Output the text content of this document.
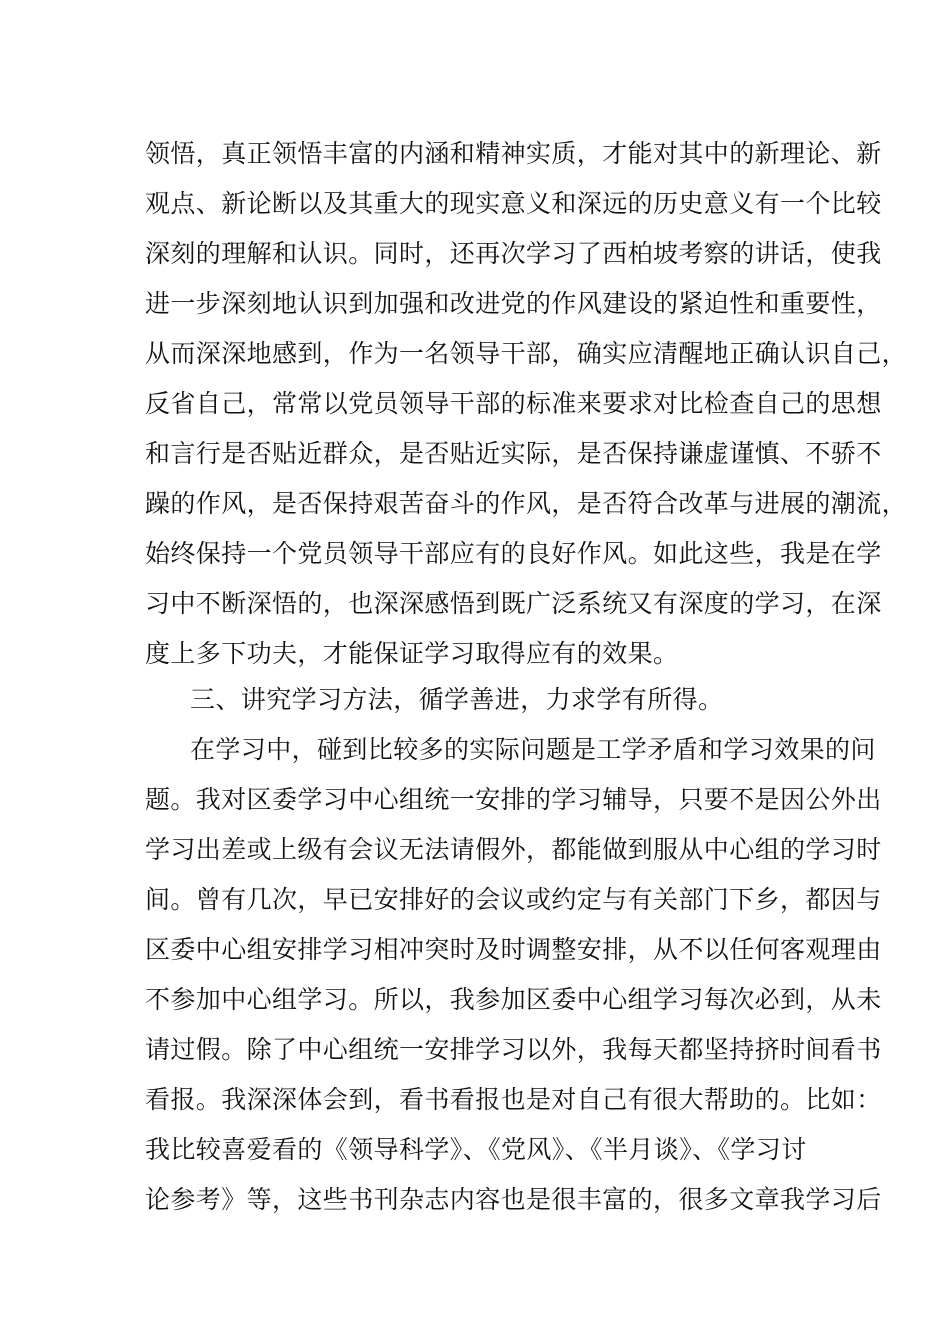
领悟，真正领悟丰富的内涵和精神实质，才能对其中的新理论、新
观点、新论断以及其重大的现实意义和深远的历史意义有一个比较
深刻的理解和认识。同时，还再次学习了西柏坡考察的讲话，使我
进一步深刻地认识到加强和改进党的作风建设的紧迫性和重要性，
从而深深地感到，作为一名领导干部，确实应清醒地正确认识自己，
反省自己，常常以党员领导干部的标准来要求对比检查自己的思想
和言行是否贴近群众，是否贴近实际，是否保持谦虚谨慎、不骄不
躁的作风，是否保持艰苦奋斗的作风，是否符合改革与进展的潮流，
始终保持一个党员领导干部应有的良好作风。如此这些，我是在学
习中不断深悟的，也深深感悟到既广泛系统又有深度的学习，在深
度上多下功夫，才能保证学习取得应有的效果。
三、讲究学习方法，循学善进，力求学有所得。
在学习中，碰到比较多的实际问题是工学矛盾和学习效果的问
题。我对区委学习中心组统一安排的学习辅导，只要不是因公外出
学习出差或上级有会议无法请假外，都能做到服从中心组的学习时
间。曾有几次，早已安排好的会议或约定与有关部门下乡，都因与
区委中心组安排学习相冲突时及时调整安排，从不以任何客观理由
不参加中心组学习。所以，我参加区委中心组学习每次必到，从未
请过假。除了中心组统一安排学习以外，我每天都坚持挤时间看书
看报。我深深体会到，看书看报也是对自己有很大帮助的。比如：
我比较喜爱看的《领导科学》、《党风》、《半月谈》、《学习讨
论参考》等，这些书刊杂志内容也是很丰富的，很多文章我学习后
